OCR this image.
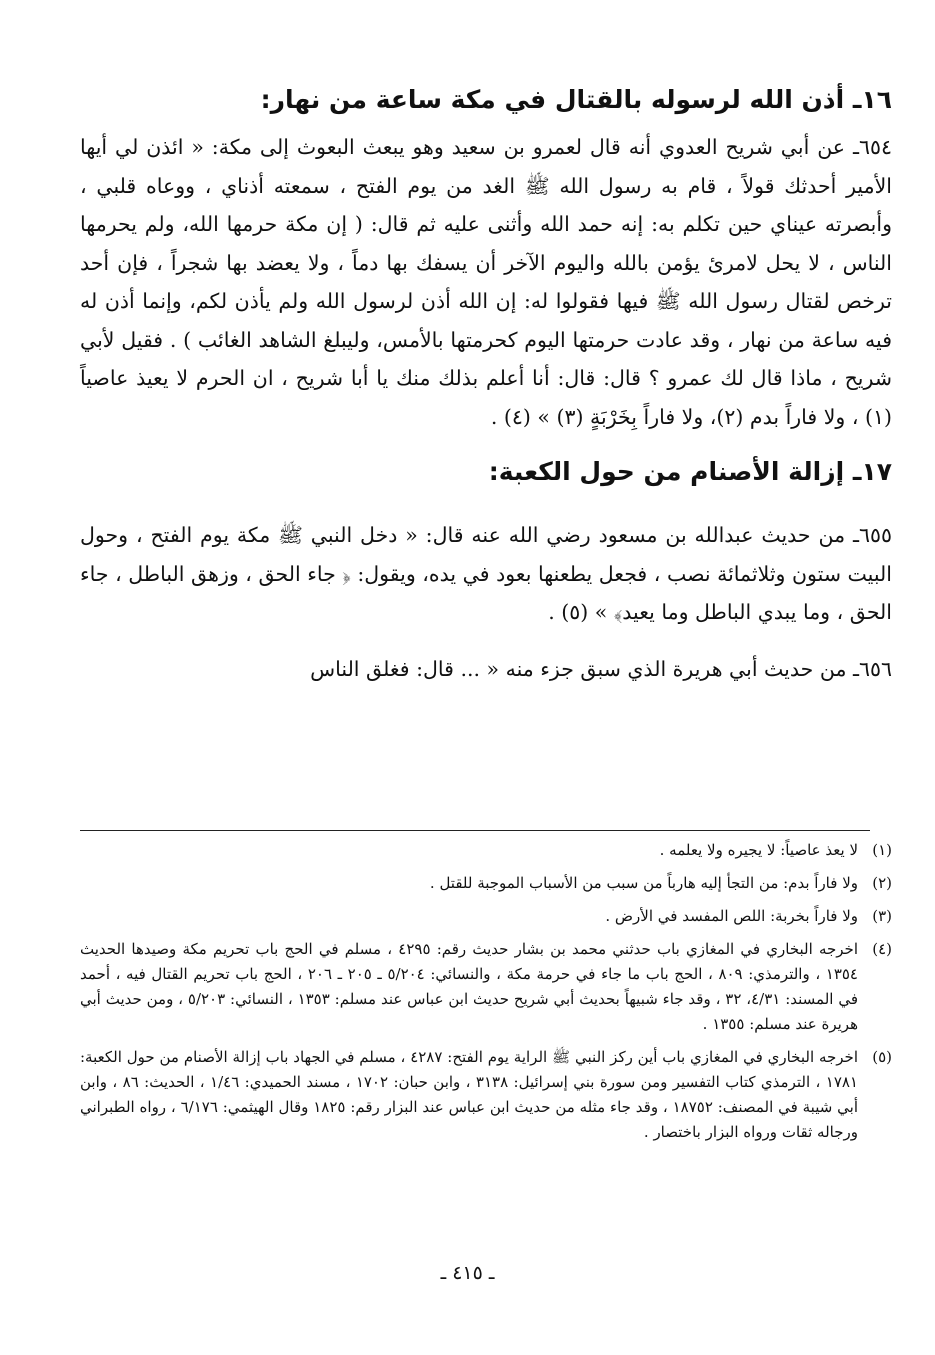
١٦ـ أذن الله لرسوله بالقتال في مكة ساعة من نهار:

٦٥٤ـ عن أبي شريح العدوي أنه قال لعمرو بن سعيد وهو يبعث البعوث إلى مكة: « ائذن لي أيها الأمير أحدثك قولاً ، قام به رسول الله ﷺ الغد من يوم الفتح ، سمعته أذناي ، ووعاه قلبي ، وأبصرته عيناي حين تكلم به: إنه حمد الله وأثنى عليه ثم قال: ( إن مكة حرمها الله، ولم يحرمها الناس ، لا يحل لامرئ يؤمن بالله واليوم الآخر أن يسفك بها دماً ، ولا يعضد بها شجراً ، فإن أحد ترخص لقتال رسول الله ﷺ فيها فقولوا له: إن الله أذن لرسول الله ولم يأذن لكم، وإنما أذن له فيه ساعة من نهار ، وقد عادت حرمتها اليوم كحرمتها بالأمس، وليبلغ الشاهد الغائب ) . فقيل لأبي شريح ، ماذا قال لك عمرو ؟ قال: قال: أنا أعلم بذلك منك يا أبا شريح ، ان الحرم لا يعيذ عاصياً (١) ، ولا فاراً بدم (٢)، ولا فاراً بِخَرْبَةٍ (٣) » (٤) .

١٧ـ إزالة الأصنام من حول الكعبة:

٦٥٥ـ من حديث عبدالله بن مسعود رضي الله عنه قال: « دخل النبي ﷺ مكة يوم الفتح ، وحول البيت ستون وثلاثمائة نصب ، فجعل يطعنها بعود في يده، ويقول: ﴿ جاء الحق ، وزهق الباطل ، جاء الحق ، وما يبدي الباطل وما يعيد﴾ » (٥) .

٦٥٦ـ من حديث أبي هريرة الذي سبق جزء منه « ... قال: فغلق الناس

(١)
لا يعذ عاصياً: لا يجيره ولا يعلمه .
(٢)
ولا فاراً بدم: من التجأ إليه هارباً من سبب من الأسباب الموجبة للقتل .
(٣)
ولا فاراً بخربة: اللص المفسد في الأرض .
(٤)
اخرجه البخاري في المغازي باب حدثني محمد بن بشار حديث رقم: ٤٢٩٥ ، مسلم في الحج باب تحريم مكة وصيدها الحديث ١٣٥٤ ، والترمذي: ٨٠٩ ، الحج باب ما جاء في حرمة مكة ، والنسائي: ٥/٢٠٤ ـ ٢٠٥ ـ ٢٠٦ ، الحج باب تحريم القتال فيه ، أحمد في المسند: ٤/٣١، ٣٢ ، وقد جاء شبيهاً بحديث أبي شريح حديث ابن عباس عند مسلم: ١٣٥٣ ، النسائي: ٥/٢٠٣ ، ومن حديث أبي هريرة عند مسلم: ١٣٥٥ .
(٥)
اخرجه البخاري في المغازي باب أين ركز النبي ﷺ الراية يوم الفتح: ٤٢٨٧ ، مسلم في الجهاد باب إزالة الأصنام من حول الكعبة: ١٧٨١ ، الترمذي كتاب التفسير ومن سورة بني إسرائيل: ٣١٣٨ ، وابن حبان: ١٧٠٢ ، مسند الحميدي: ١/٤٦ ، الحديث: ٨٦ ، وابن أبي شيبة في المصنف: ١٨٧٥٢ ، وقد جاء مثله من حديث ابن عباس عند البزار رقم: ١٨٢٥ وقال الهيثمي: ٦/١٧٦ ، رواه الطبراني ورجاله ثقات ورواه البزار باختصار .
ـ ٤١٥ ـ
